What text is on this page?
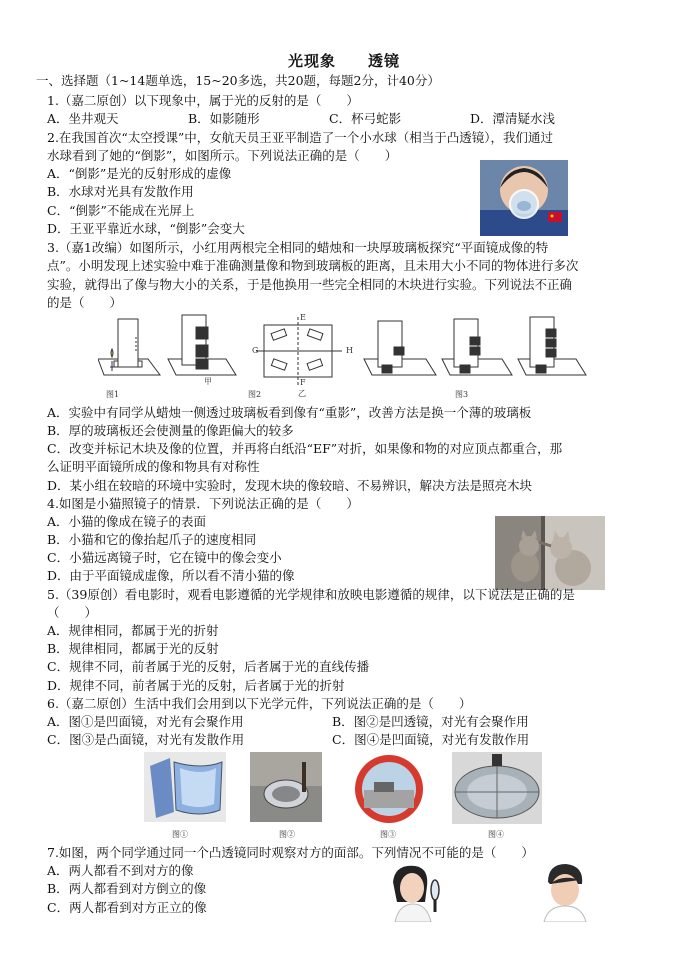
光现象　　透镜
一、选择题（1~14题单选，15~20多选，共20题，每题2分，计40分）
1.（嘉二原创）以下现象中，属于光的反射的是（　　）
A．坐井观天	B．如影随形	C．杯弓蛇影	D．潭清疑水浅
2.在我国首次“太空授课”中，女航天员王亚平制造了一个小水球（相当于凸透镜），我们通过
水球看到了她的“倒影”，如图所示。下列说法正确的是（　　）
A．“倒影”是光的反射形成的虚像
B．水球对光具有发散作用
C．“倒影”不能成在光屏上
D．王亚平靠近水球，“倒影”会变大
3.（嘉1改编）如图所示，小红用两根完全相同的蜡烛和一块厚玻璃板探究“平面镜成像的特
点”。小明发现上述实验中难于准确测量像和物到玻璃板的距离，且未用大小不同的物体进行多次
实验，就得出了像与物大小的关系，于是他换用一些完全相同的木块进行实验。下列说法不正确
的是（　　）
图1
甲
E
G	H
F
乙
图2	图3
A．实验中有同学从蜡烛一侧透过玻璃板看到像有“重影”，改善方法是换一个薄的玻璃板
B．厚的玻璃板还会使测量的像距偏大的较多
C．改变并标记木块及像的位置，并再将白纸沿“EF”对折，如果像和物的对应顶点都重合，那
么证明平面镜所成的像和物具有对称性
D．某小组在较暗的环境中实验时，发现木块的像较暗、不易辨识，解决方法是照亮木块
4.如图是小猫照镜子的情景．下列说法正确的是（　　）
A．小猫的像成在镜子的表面
B．小猫和它的像抬起爪子的速度相同
C．小猫远离镜子时，它在镜中的像会变小
D．由于平面镜成虚像，所以看不清小猫的像
5.（39原创）看电影时，观看电影遵循的光学规律和放映电影遵循的规律，以下说法是正确的是
（　　）
A．规律相同，都属于光的折射
B．规律相同，都属于光的反射
C．规律不同，前者属于光的反射，后者属于光的直线传播
D．规律不同，前者属于光的反射，后者属于光的折射
6.（嘉二原创）生活中我们会用到以下光学元件，下列说法正确的是（　　）
A．图①是凹面镜，对光有会聚作用	B．图②是凹透镜，对光有会聚作用
C．图③是凸面镜，对光有发散作用	C．图④是凹面镜，对光有发散作用
图①	图②	图③	图④
7.如图，两个同学通过同一个凸透镜同时观察对方的面部。下列情况不可能的是（　　）
A．两人都看不到对方的像
B．两人都看到对方倒立的像
C．两人都看到对方正立的像
